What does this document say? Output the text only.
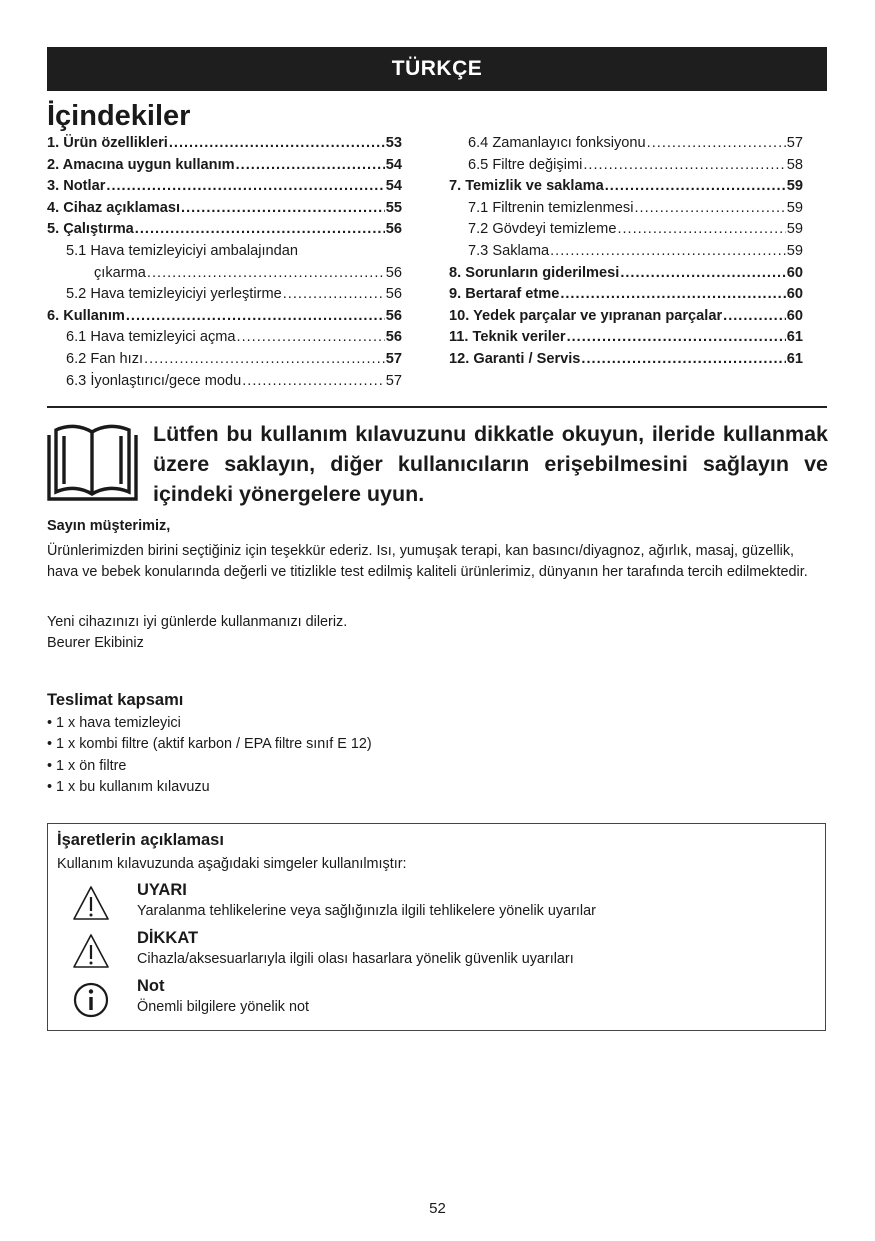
TÜRKÇE
İçindekiler
1. Ürün özellikleri .....	53
2. Amacına uygun kullanım .....	54
3. Notlar .....	54
4. Cihaz açıklaması .....	55
5. Çalıştırma .....	56
5.1 Hava temizleyiciyi ambalajından
çıkarma .....	56
5.2 Hava temizleyiciyi yerleştirme .....	56
6. Kullanım .....	56
6.1 Hava temizleyici açma .....	56
6.2 Fan hızı .....	57
6.3 İyonlaştırıcı/gece modu .....	57
6.4 Zamanlayıcı fonksiyonu .....	57
6.5 Filtre değişimi .....	58
7. Temizlik ve saklama .....	59
7.1 Filtrenin temizlenmesi .....	59
7.2 Gövdeyi temizleme .....	59
7.3 Saklama .....	59
8. Sorunların giderilmesi .....	60
9. Bertaraf etme .....	60
10. Yedek parçalar ve yıpranan parçalar .....	60
11. Teknik veriler .....	61
12. Garanti / Servis .....	61

Lütfen bu kullanım kılavuzunu dikkatle okuyun, ileride kullanmak üzere saklayın, diğer kullanıcıların erişebilmesini sağlayın ve içindeki yönergelere uyun.

Sayın müşterimiz,

Ürünlerimizden birini seçtiğiniz için teşekkür ederiz. Isı, yumuşak terapi, kan basıncı/diyagnoz, ağırlık, masaj, güzellik, hava ve bebek konularında değerli ve titizlikle test edilmiş kaliteli ürünlerimiz, dünyanın her tarafında tercih edilmektedir.

Yeni cihazınızı iyi günlerde kullanmanızı dileriz.
Beurer Ekibiniz
Teslimat kapsamı
• 1 x hava temizleyici
• 1 x kombi filtre (aktif karbon / EPA filtre sınıf E 12)
• 1 x ön filtre
• 1 x bu kullanım kılavuzu
İşaretlerin açıklaması
Kullanım kılavuzunda aşağıdaki simgeler kullanılmıştır:
UYARI
Yaralanma tehlikelerine veya sağlığınızla ilgili tehlikelere yönelik uyarılar
DİKKAT
Cihazla/aksesuarlarıyla ilgili olası hasarlara yönelik güvenlik uyarıları
Not
Önemli bilgilere yönelik not
52
